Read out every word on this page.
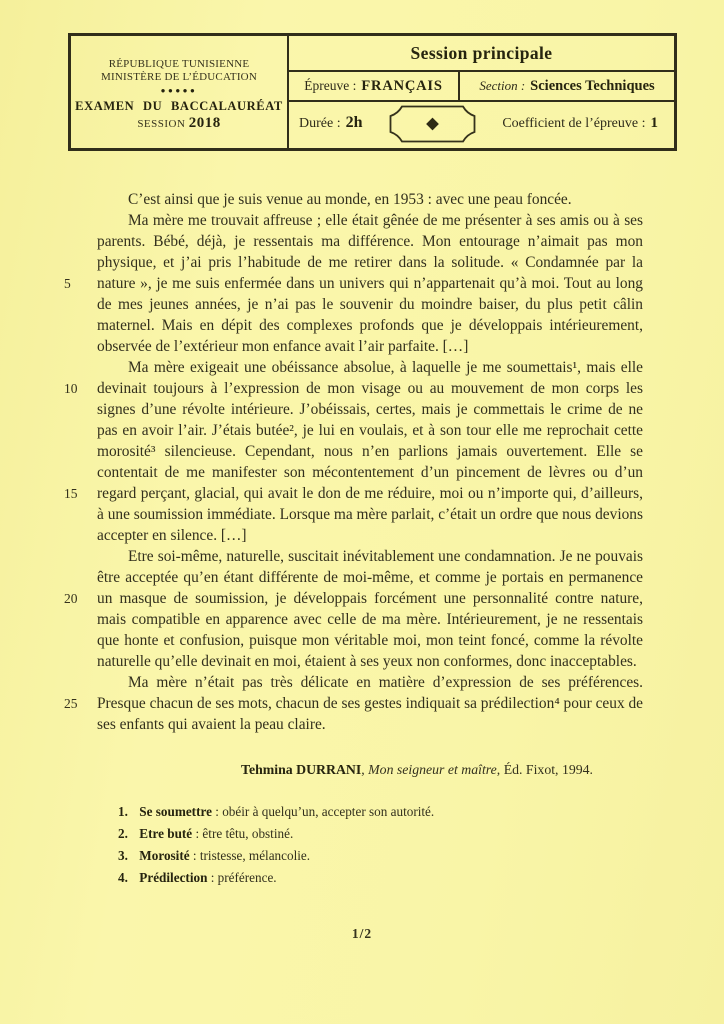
RÉPUBLIQUE TUNISIENNE
MINISTÈRE DE L’ÉDUCATION
●●●●●
EXAMEN DU BACCALAURÉAT
SESSION 2018
Session principale
Épreuve : FRANÇAIS	Section : Sciences Techniques
Durée : 2h	Coefficient de l’épreuve : 1
5
10
15
20
25

C’est ainsi que je suis venue au monde, en 1953 : avec une peau foncée.

Ma mère me trouvait affreuse ; elle était gênée de me présenter à ses amis ou à ses parents. Bébé, déjà, je ressentais ma différence. Mon entourage n’aimait pas mon physique, et j’ai pris l’habitude de me retirer dans la solitude. « Condamnée par la nature », je me suis enfermée dans un univers qui n’appartenait qu’à moi. Tout au long de mes jeunes années, je n’ai pas le souvenir du moindre baiser, du plus petit câlin maternel. Mais en dépit des complexes profonds que je développais intérieurement, observée de l’extérieur mon enfance avait l’air parfaite. […]

Ma mère exigeait une obéissance absolue, à laquelle je me soumettais¹, mais elle devinait toujours à l’expression de mon visage ou au mouvement de mon corps les signes d’une révolte intérieure. J’obéissais, certes, mais je commettais le crime de ne pas en avoir l’air. J’étais butée², je lui en voulais, et à son tour elle me reprochait cette morosité³ silencieuse. Cependant, nous n’en parlions jamais ouvertement. Elle se contentait de me manifester son mécontentement d’un pincement de lèvres ou d’un regard perçant, glacial, qui avait le don de me réduire, moi ou n’importe qui, d’ailleurs, à une soumission immédiate. Lorsque ma mère parlait, c’était un ordre que nous devions accepter en silence. […]

Etre soi-même, naturelle, suscitait inévitablement une condamnation. Je ne pouvais être acceptée qu’en étant différente de moi-même, et comme je portais en permanence un masque de soumission, je développais forcément une personnalité contre nature, mais compatible en apparence avec celle de ma mère. Intérieurement, je ne ressentais que honte et confusion, puisque mon véritable moi, mon teint foncé, comme la révolte naturelle qu’elle devinait en moi, étaient à ses yeux non conformes, donc inacceptables.

Ma mère n’était pas très délicate en matière d’expression de ses préférences. Presque chacun de ses mots, chacun de ses gestes indiquait sa prédilection⁴ pour ceux de ses enfants qui avaient la peau claire.

Tehmina DURRANI, Mon seigneur et maître, Éd. Fixot, 1994.
1. Se soumettre : obéir à quelqu’un, accepter son autorité.
2. Etre buté : être têtu, obstiné.
3. Morosité : tristesse, mélancolie.
4. Prédilection : préférence.
1/2
